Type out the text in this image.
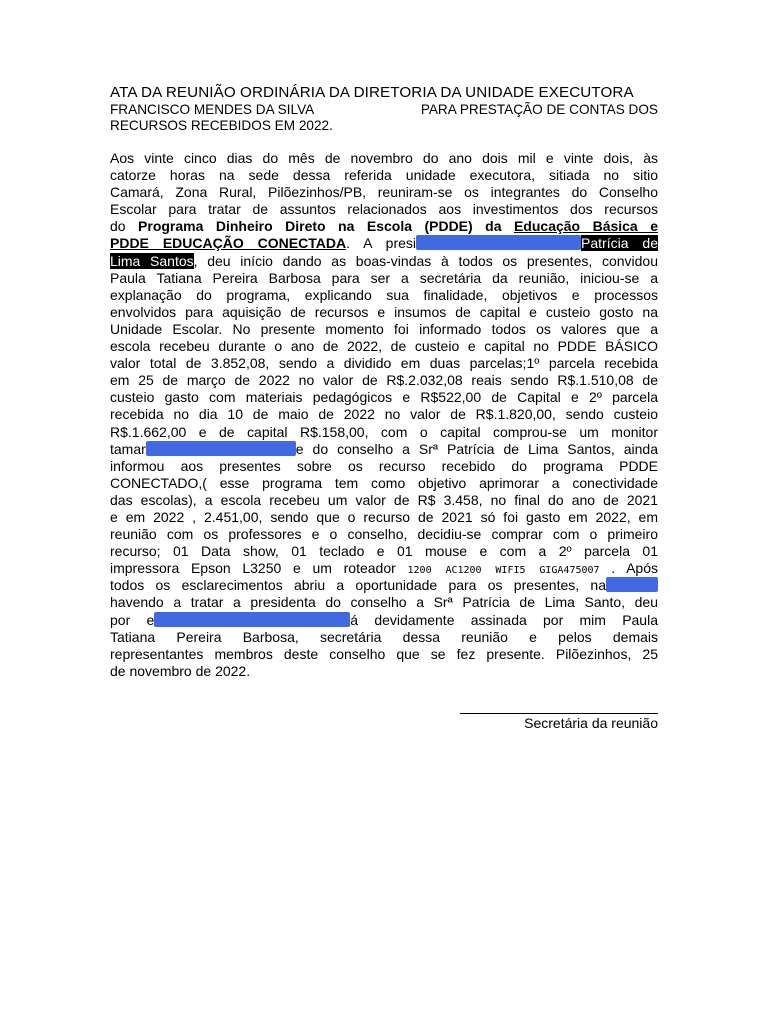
ATA DA REUNIÃO ORDINÁRIA DA DIRETORIA DA UNIDADE EXECUTORA
FRANCISCO MENDES DA SILVA	PARA PRESTAÇÃO DE CONTAS DOS
RECURSOS RECEBIDOS EM 2022.
Aos vinte cinco dias do mês de novembro do ano dois mil e vinte dois, às
catorze horas na sede dessa referida unidade executora, sitiada no sitio
Camará, Zona Rural, Pilõezinhos/PB, reuniram-se os integrantes do Conselho
Escolar para tratar de assuntos relacionados aos investimentos dos recursos
do Programa Dinheiro Direto na Escola (PDDE) da Educação Básica e
PDDE EDUCAÇÃO CONECTADA. A presi	Patrícia de
Lima Santos, deu início dando as boas-vindas à todos os presentes, convidou
Paula Tatiana Pereira Barbosa para ser a secretária da reunião, iniciou-se a
explanação do programa, explicando sua finalidade, objetivos e processos
envolvidos para aquisição de recursos e insumos de capital e custeio gosto na
Unidade Escolar. No presente momento foi informado todos os valores que a
escola recebeu durante o ano de 2022, de custeio e capital no PDDE BÁSICO
valor total de 3.852,08, sendo a dividido em duas parcelas;1º parcela recebida
em 25 de março de 2022 no valor de R$.2.032,08 reais sendo R$.1.510,08 de
custeio gasto com materiais pedagógicos e R$522,00 de Capital e 2º parcela
recebida no dia 10 de maio de 2022 no valor de R$.1.820,00, sendo custeio
R$.1.662,00 e de capital R$.158,00, com o capital comprou-se um monitor
tamar	e do conselho a Srª Patrícia de Lima Santos, ainda
informou aos presentes sobre os recurso recebido do programa PDDE
CONECTADO,( esse programa tem como objetivo aprimorar a conectividade
das escolas), a escola recebeu um valor de R$ 3.458, no final do ano de 2021
e em 2022 , 2.451,00, sendo que o recurso de 2021 só foi gasto em 2022, em
reunião com os professores e o conselho, decidiu-se comprar com o primeiro
recurso; 01 Data show, 01 teclado e 01 mouse e com a 2º parcela 01
impressora Epson L3250 e um roteador 1200 AC1200 WIFI5 GIGA475007 . Após
todos os esclarecimentos abriu a oportunidade para os presentes, na
havendo a tratar a presidenta do conselho a Srª Patrícia de Lima Santo, deu
por e	á devidamente assinada por mim Paula
Tatiana Pereira Barbosa, secretária dessa reunião e pelos demais
representantes membros deste conselho que se fez presente. Pilõezinhos, 25
de novembro de 2022.
Secretária da reunião
